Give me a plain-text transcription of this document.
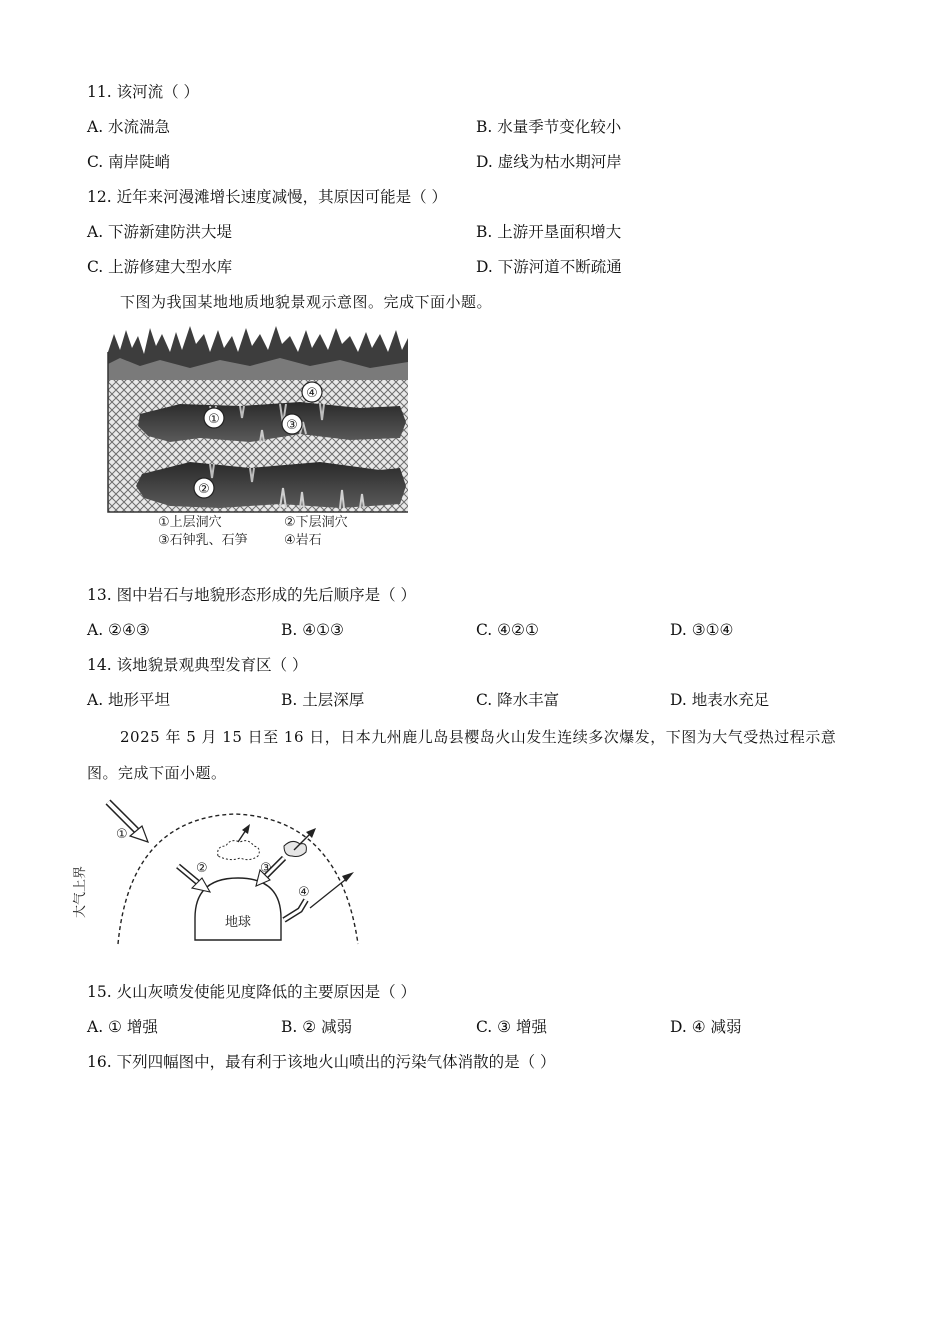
11. 该河流（ ）
A. 水流湍急	B. 水量季节变化较小
C. 南岸陡峭	D. 虚线为枯水期河岸
12. 近年来河漫滩增长速度减慢，其原因可能是（ ）
A. 下游新建防洪大堤	B. 上游开垦面积增大
C. 上游修建大型水库	D. 下游河道不断疏通
下图为我国某地地质地貌景观示意图。完成下面小题。
④
①	③
②
①上层洞穴	②下层洞穴
③石钟乳、石笋	④岩石
13. 图中岩石与地貌形态形成的先后顺序是（ ）
A. ②④③	B. ④①③	C. ④②①	D. ③①④
14. 该地貌景观典型发育区（ ）
A. 地形平坦	B. 土层深厚	C. 降水丰富	D. 地表水充足
2025 年 5 月 15 日至 16 日，日本九州鹿儿岛县樱岛火山发生连续多次爆发，下图为大气受热过程示意
图。完成下面小题。
大气上界
地球
①
②	③
④
15. 火山灰喷发使能见度降低的主要原因是（ ）
A. ① 增强	B. ② 减弱	C. ③ 增强	D. ④ 减弱
16. 下列四幅图中，最有利于该地火山喷出的污染气体消散的是（ ）
